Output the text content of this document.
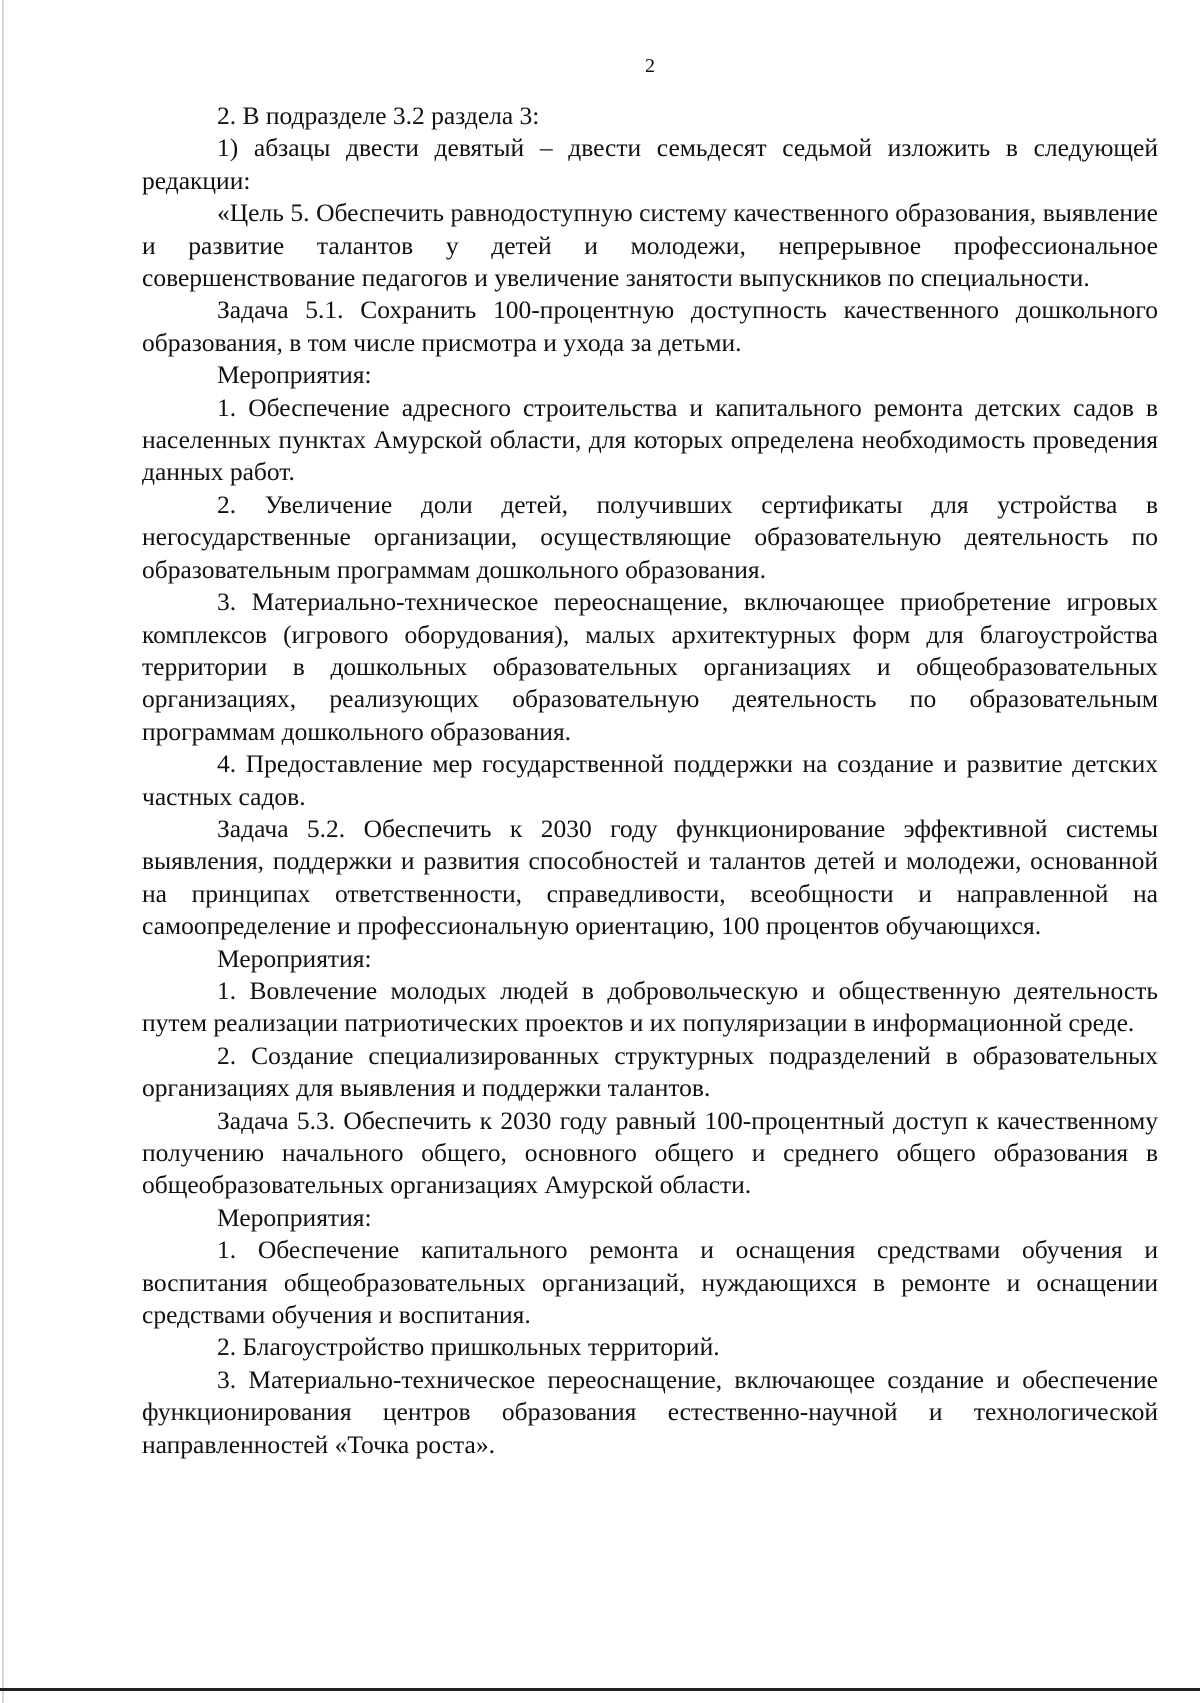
2

2. В подразделе 3.2 раздела 3:

1) абзацы двести девятый – двести семьдесят седьмой изложить в следующей редакции:

«Цель 5. Обеспечить равнодоступную систему качественного образования, выявление и развитие талантов у детей и молодежи, непрерывное профессиональное совершенствование педагогов и увеличение занятости выпускников по специальности.

Задача 5.1. Сохранить 100-процентную доступность качественного дошкольного образования, в том числе присмотра и ухода за детьми.

Мероприятия:

1. Обеспечение адресного строительства и капитального ремонта детских садов в населенных пунктах Амурской области, для которых определена необходимость проведения данных работ.

2. Увеличение доли детей, получивших сертификаты для устройства в негосударственные организации, осуществляющие образовательную деятельность по образовательным программам дошкольного образования.

3. Материально-техническое переоснащение, включающее приобретение игровых комплексов (игрового оборудования), малых архитектурных форм для благоустройства территории в дошкольных образовательных организациях и общеобразовательных организациях, реализующих образовательную деятельность по образовательным программам дошкольного образования.

4. Предоставление мер государственной поддержки на создание и развитие детских частных садов.

Задача 5.2. Обеспечить к 2030 году функционирование эффективной системы выявления, поддержки и развития способностей и талантов детей и молодежи, основанной на принципах ответственности, справедливости, всеобщности и направленной на самоопределение и профессиональную ориентацию, 100 процентов обучающихся.

Мероприятия:

1. Вовлечение молодых людей в добровольческую и общественную деятельность путем реализации патриотических проектов и их популяризации в информационной среде.

2. Создание специализированных структурных подразделений в образовательных организациях для выявления и поддержки талантов.

Задача 5.3. Обеспечить к 2030 году равный 100-процентный доступ к качественному получению начального общего, основного общего и среднего общего образования в общеобразовательных организациях Амурской области.

Мероприятия:

1. Обеспечение капитального ремонта и оснащения средствами обучения и воспитания общеобразовательных организаций, нуждающихся в ремонте и оснащении средствами обучения и воспитания.

2. Благоустройство пришкольных территорий.

3. Материально-техническое переоснащение, включающее создание и обеспечение функционирования центров образования естественно-научной и технологической направленностей «Точка роста».
